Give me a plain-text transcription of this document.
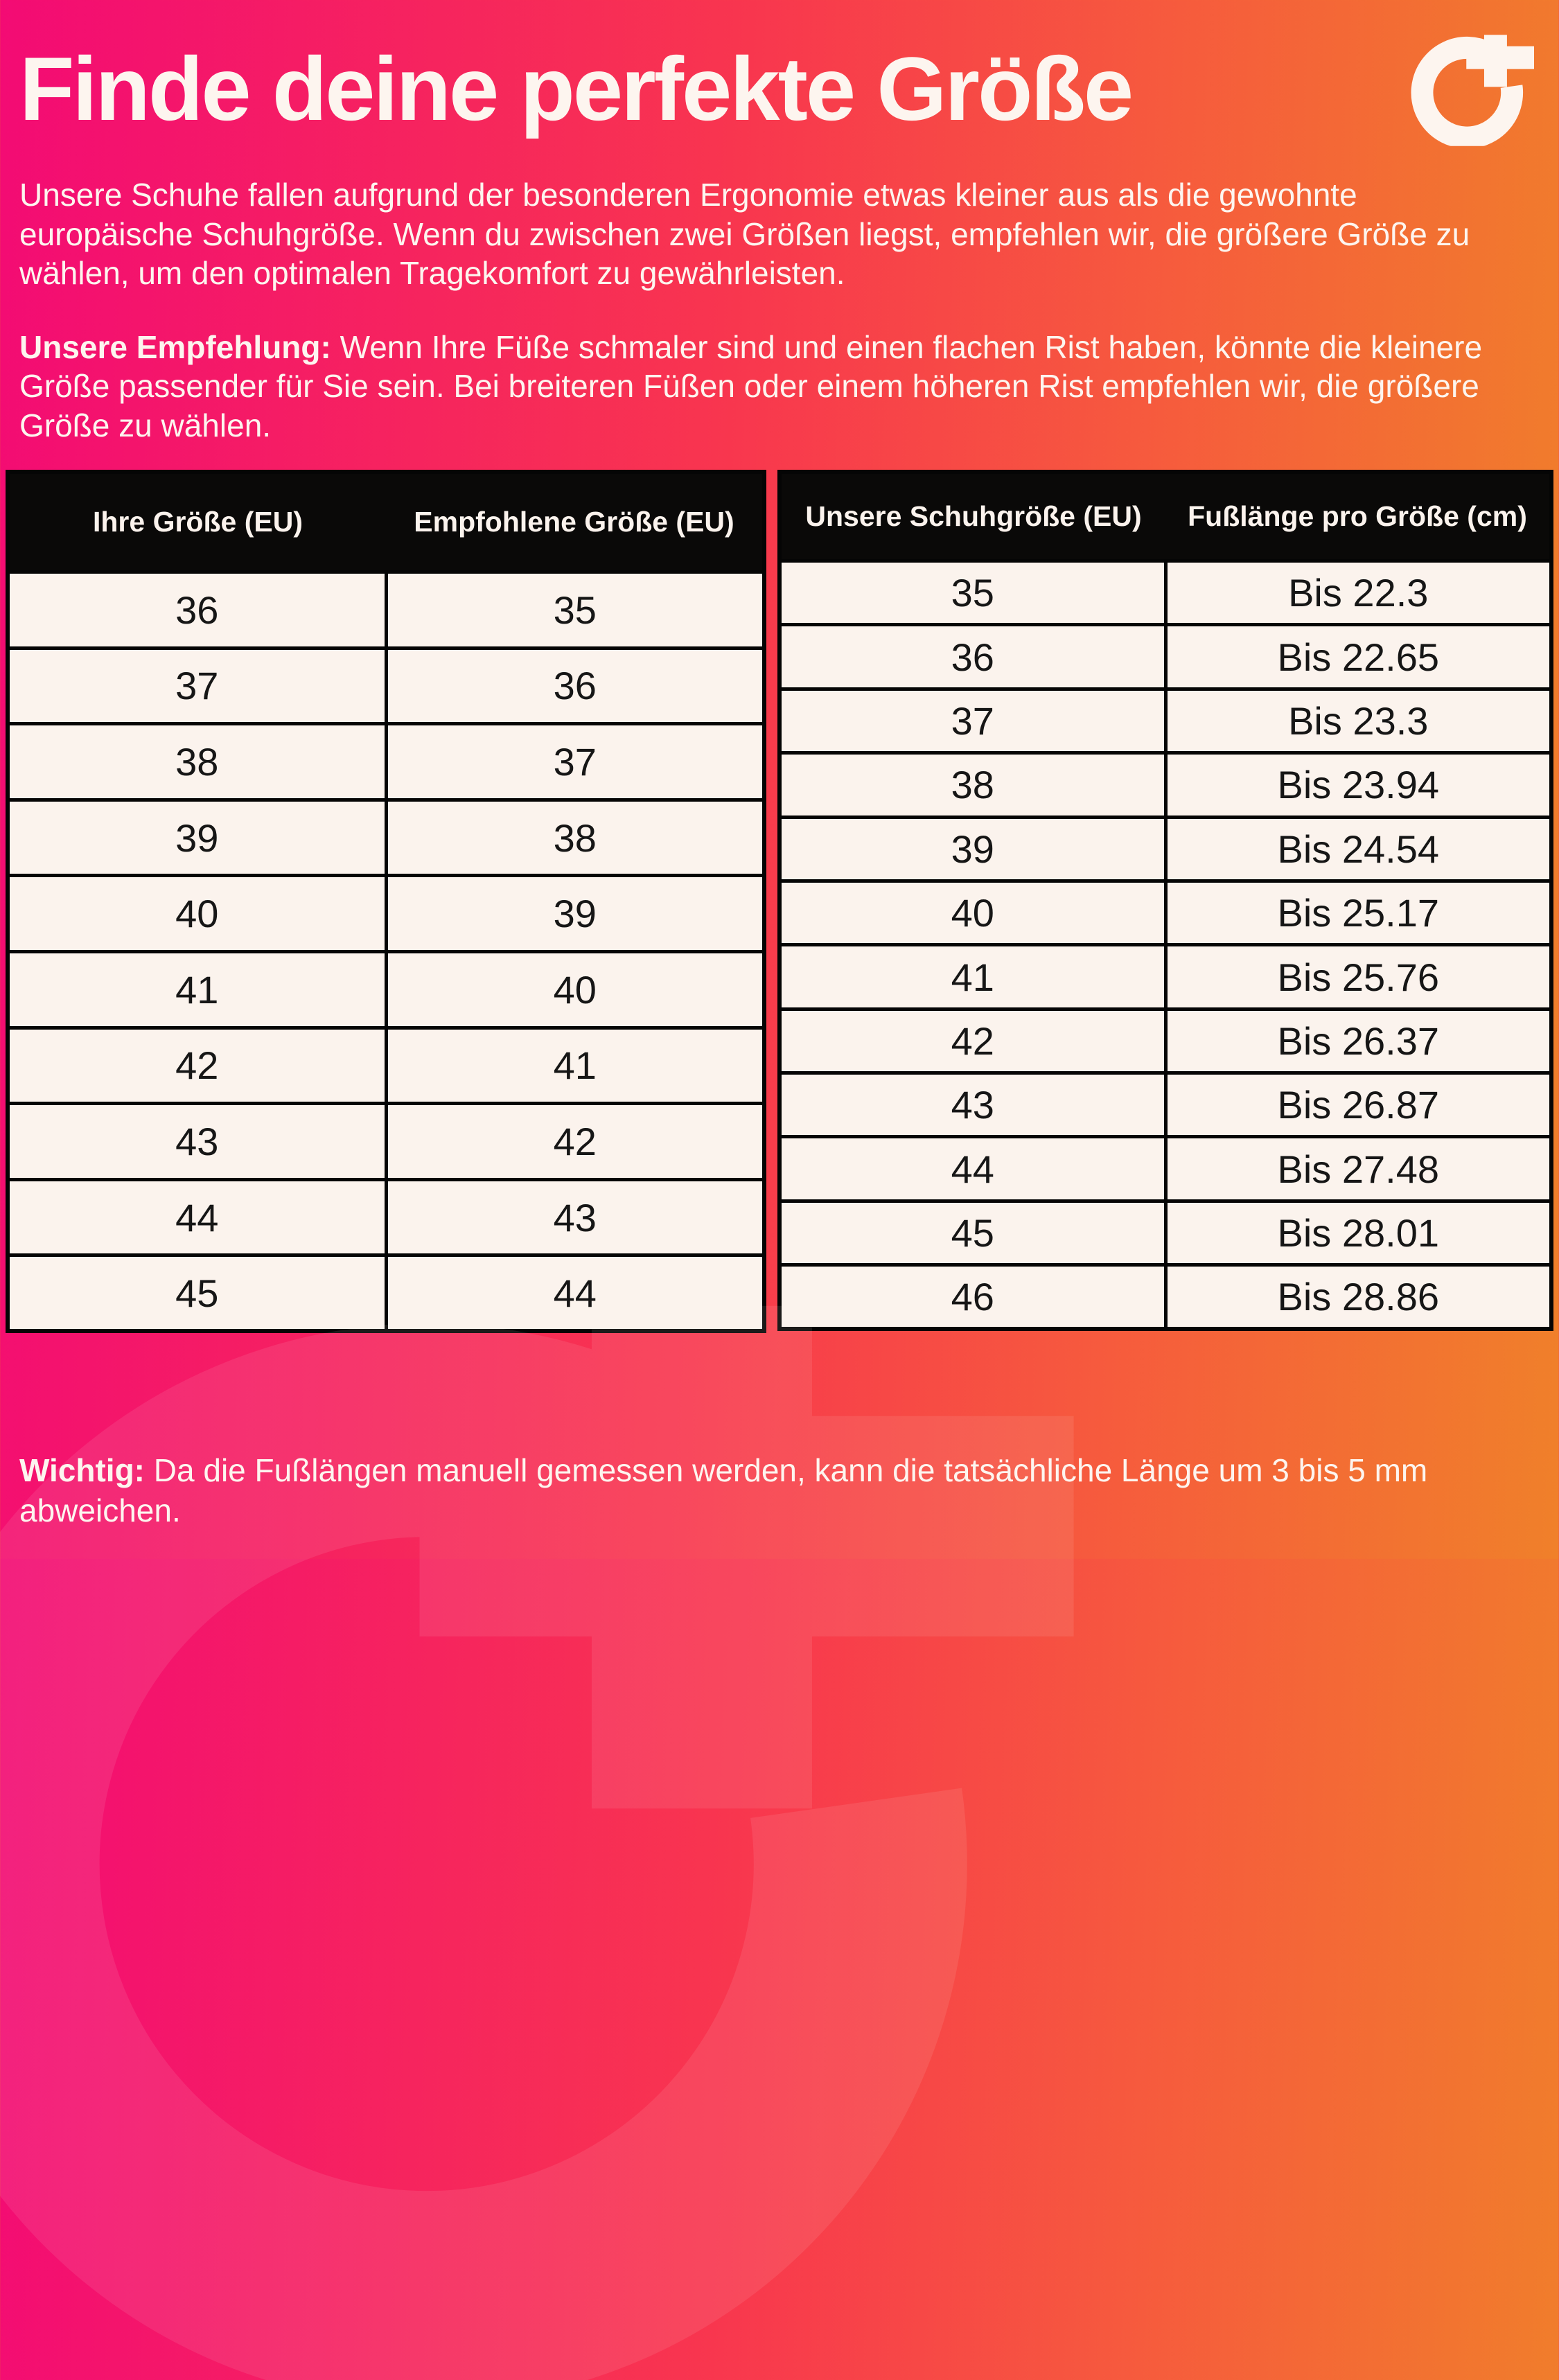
Finde deine perfekte Größe

Unsere Schuhe fallen aufgrund der besonderen Ergonomie etwas kleiner aus als die gewohnte europäische Schuhgröße. Wenn du zwischen zwei Größen liegst, empfehlen wir, die größere Größe zu wählen, um den optimalen Tragekomfort zu gewährleisten.

Unsere Empfehlung: Wenn Ihre Füße schmaler sind und einen flachen Rist haben, könnte die kleinere Größe passender für Sie sein. Bei breiteren Füßen oder einem höheren Rist empfehlen wir, die größere Größe zu wählen.

Ihre Größe (EU)	Empfohlene Größe (EU)
36	35
37	36
38	37
39	38
40	39
41	40
42	41
43	42
44	43
45	44
Unsere Schuhgröße (EU)	Fußlänge pro Größe (cm)
35	Bis 22.3
36	Bis 22.65
37	Bis 23.3
38	Bis 23.94
39	Bis 24.54
40	Bis 25.17
41	Bis 25.76
42	Bis 26.37
43	Bis 26.87
44	Bis 27.48
45	Bis 28.01
46	Bis 28.86

Wichtig: Da die Fußlängen manuell gemessen werden, kann die tatsächliche Länge um 3 bis 5 mm abweichen.
